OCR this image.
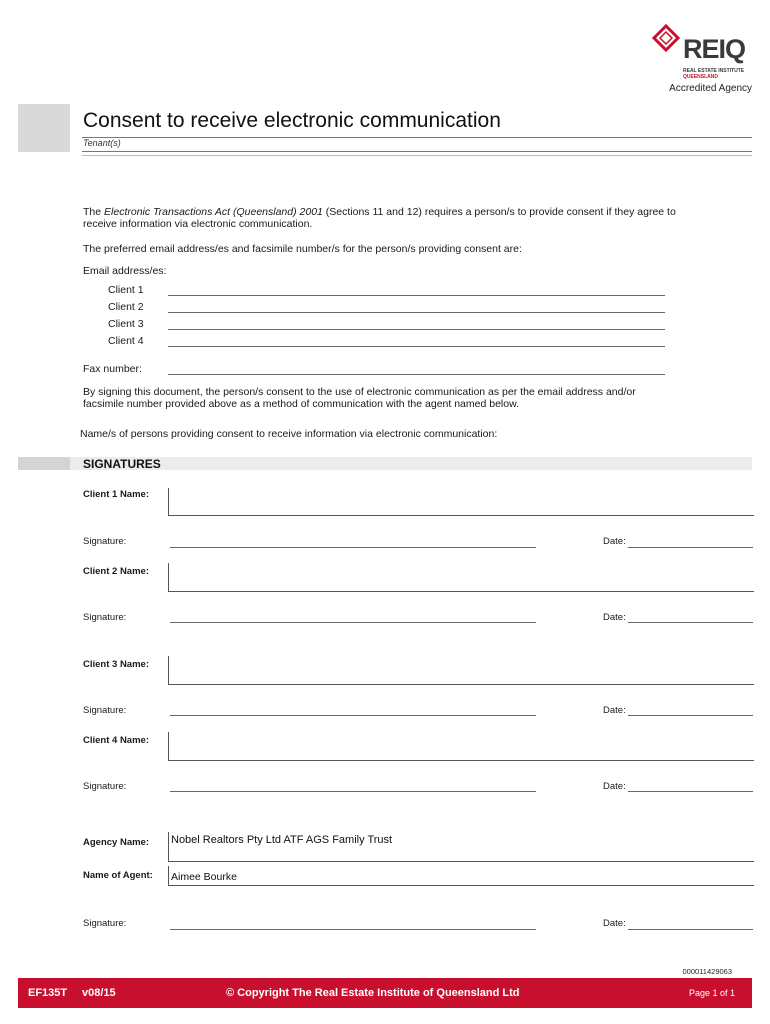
REIQ
REAL ESTATE INSTITUTE
QUEENSLAND
Accredited Agency
Consent to receive electronic communication
Tenant(s)
The Electronic Transactions Act (Queensland) 2001 (Sections 11 and 12) requires a person/s to provide consent if they agree to receive information via electronic communication.
The preferred email address/es and facsimile number/s for the person/s providing consent are:
Email address/es:
Client 1
Client 2
Client 3
Client 4
Fax number:
By signing this document, the person/s consent to the use of electronic communication as per the email address and/or facsimile number provided above as a method of communication with the agent named below.
Name/s of persons providing consent to receive information via electronic communication:
SIGNATURES
Client 1 Name:
Signature:	Date:
Client 2 Name:
Signature:	Date:
Client 3 Name:
Signature:	Date:
Client 4 Name:
Signature:	Date:
Agency Name: Nobel Realtors Pty Ltd ATF AGS Family Trust
Name of Agent: Aimee Bourke
Signature:	Date:
000011429063
EF135T v08/15	© Copyright The Real Estate Institute of Queensland Ltd	Page 1 of 1
